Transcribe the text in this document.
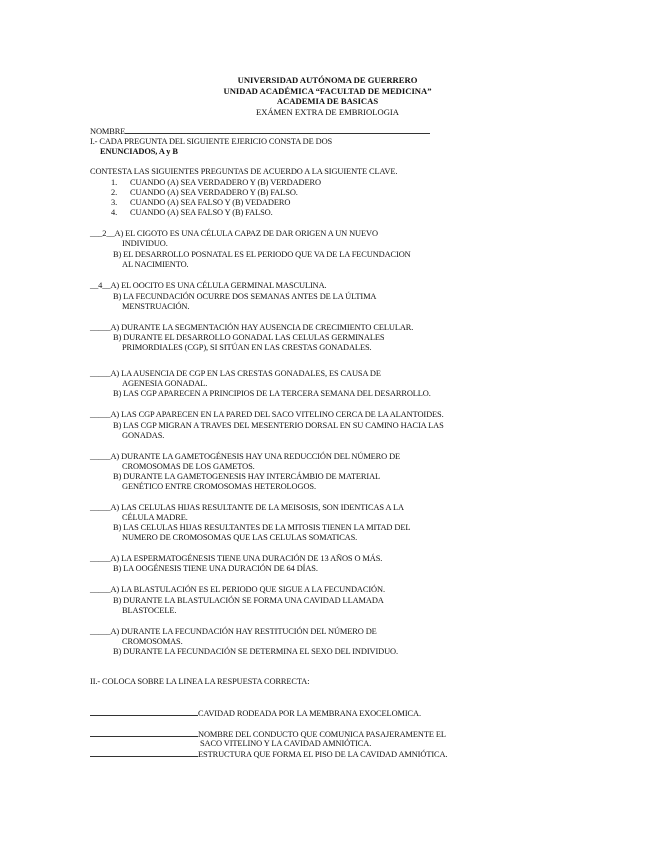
UNIVERSIDAD AUTÓNOMA DE GUERRERO
UNIDAD ACADÉMICA “FACULTAD DE MEDICINA”
ACADEMIA DE BASICAS
EXÁMEN EXTRA DE EMBRIOLOGIA
NOMBRE
I.- CADA PREGUNTA DEL SIGUIENTE EJERICIO CONSTA DE DOS
ENUNCIADOS, A y B
CONTESTA LAS SIGUIENTES PREGUNTAS DE ACUERDO A LA SIGUIENTE CLAVE.
1. CUANDO (A) SEA VERDADERO Y (B) VERDADERO
2. CUANDO (A) SEA VERDADERO Y (B) FALSO.
3. CUANDO (A) SEA FALSO Y (B) VEDADERO
4. CUANDO (A) SEA FALSO Y (B) FALSO.
___2__A) EL CIGOTO ES UNA CÉLULA CAPAZ DE DAR ORIGEN A UN NUEVO
INDIVIDUO.
B) EL DESARROLLO POSNATAL ES EL PERIODO QUE VA DE LA FECUNDACION
AL NACIMIENTO.
__4__A) EL OOCITO ES UNA CÉLULA GERMINAL MASCULINA.
B) LA FECUNDACIÓN OCURRE DOS SEMANAS ANTES DE LA ÚLTIMA
MENSTRUACIÓN.
_____A) DURANTE LA SEGMENTACIÓN HAY AUSENCIA DE CRECIMIENTO CELULAR.
B) DURANTE EL DESARROLLO GONADAL LAS CELULAS GERMINALES
PRIMORDIALES (CGP), SI SITÚAN EN LAS CRESTAS GONADALES.
_____A) LA AUSENCIA DE CGP EN LAS CRESTAS GONADALES, ES CAUSA DE
AGENESIA GONADAL.
B) LAS CGP APARECEN A PRINCIPIOS DE LA TERCERA SEMANA DEL DESARROLLO.
_____A) LAS CGP APARECEN EN LA PARED DEL SACO VITELINO CERCA DE LA ALANTOIDES.
B) LAS CGP MIGRAN A TRAVES DEL MESENTERIO DORSAL EN SU CAMINO HACIA LAS
GONADAS.
_____A) DURANTE LA GAMETOGÉNESIS HAY UNA REDUCCIÓN DEL NÚMERO DE
CROMOSOMAS DE LOS GAMETOS.
B) DURANTE LA GAMETOGENESIS HAY INTERCÁMBIO DE MATERIAL
GENÉTICO ENTRE CROMOSOMAS HETEROLOGOS.
_____A) LAS CELULAS HIJAS RESULTANTE DE LA MEISOSIS, SON IDENTICAS A LA
CÉLULA MADRE.
B) LAS CELULAS HIJAS RESULTANTES DE LA MITOSIS TIENEN LA MITAD DEL
NUMERO DE CROMOSOMAS QUE LAS CELULAS SOMATICAS.
_____A) LA ESPERMATOGÉNESIS TIENE UNA DURACIÓN DE 13 AÑOS O MÁS.
B) LA OOGÉNESIS TIENE UNA DURACIÓN DE 64 DÍAS.
_____A) LA BLASTULACIÓN ES EL PERIODO QUE SIGUE A LA FECUNDACIÓN.
B) DURANTE LA BLASTULACIÓN SE FORMA UNA CAVIDAD LLAMADA
BLASTOCELE.
_____A) DURANTE LA FECUNDACIÓN HAY RESTITUCIÓN DEL NÚMERO DE
CROMOSOMAS.
B) DURANTE LA FECUNDACIÓN SE DETERMINA EL SEXO DEL INDIVIDUO.
II.- COLOCA SOBRE LA LINEA LA RESPUESTA CORRECTA:
CAVIDAD RODEADA POR LA MEMBRANA EXOCELOMICA.
NOMBRE DEL CONDUCTO QUE COMUNICA PASAJERAMENTE EL
SACO VITELINO Y LA CAVIDAD AMNIÓTICA.
ESTRUCTURA QUE FORMA EL PISO DE LA CAVIDAD AMNIÓTICA.
